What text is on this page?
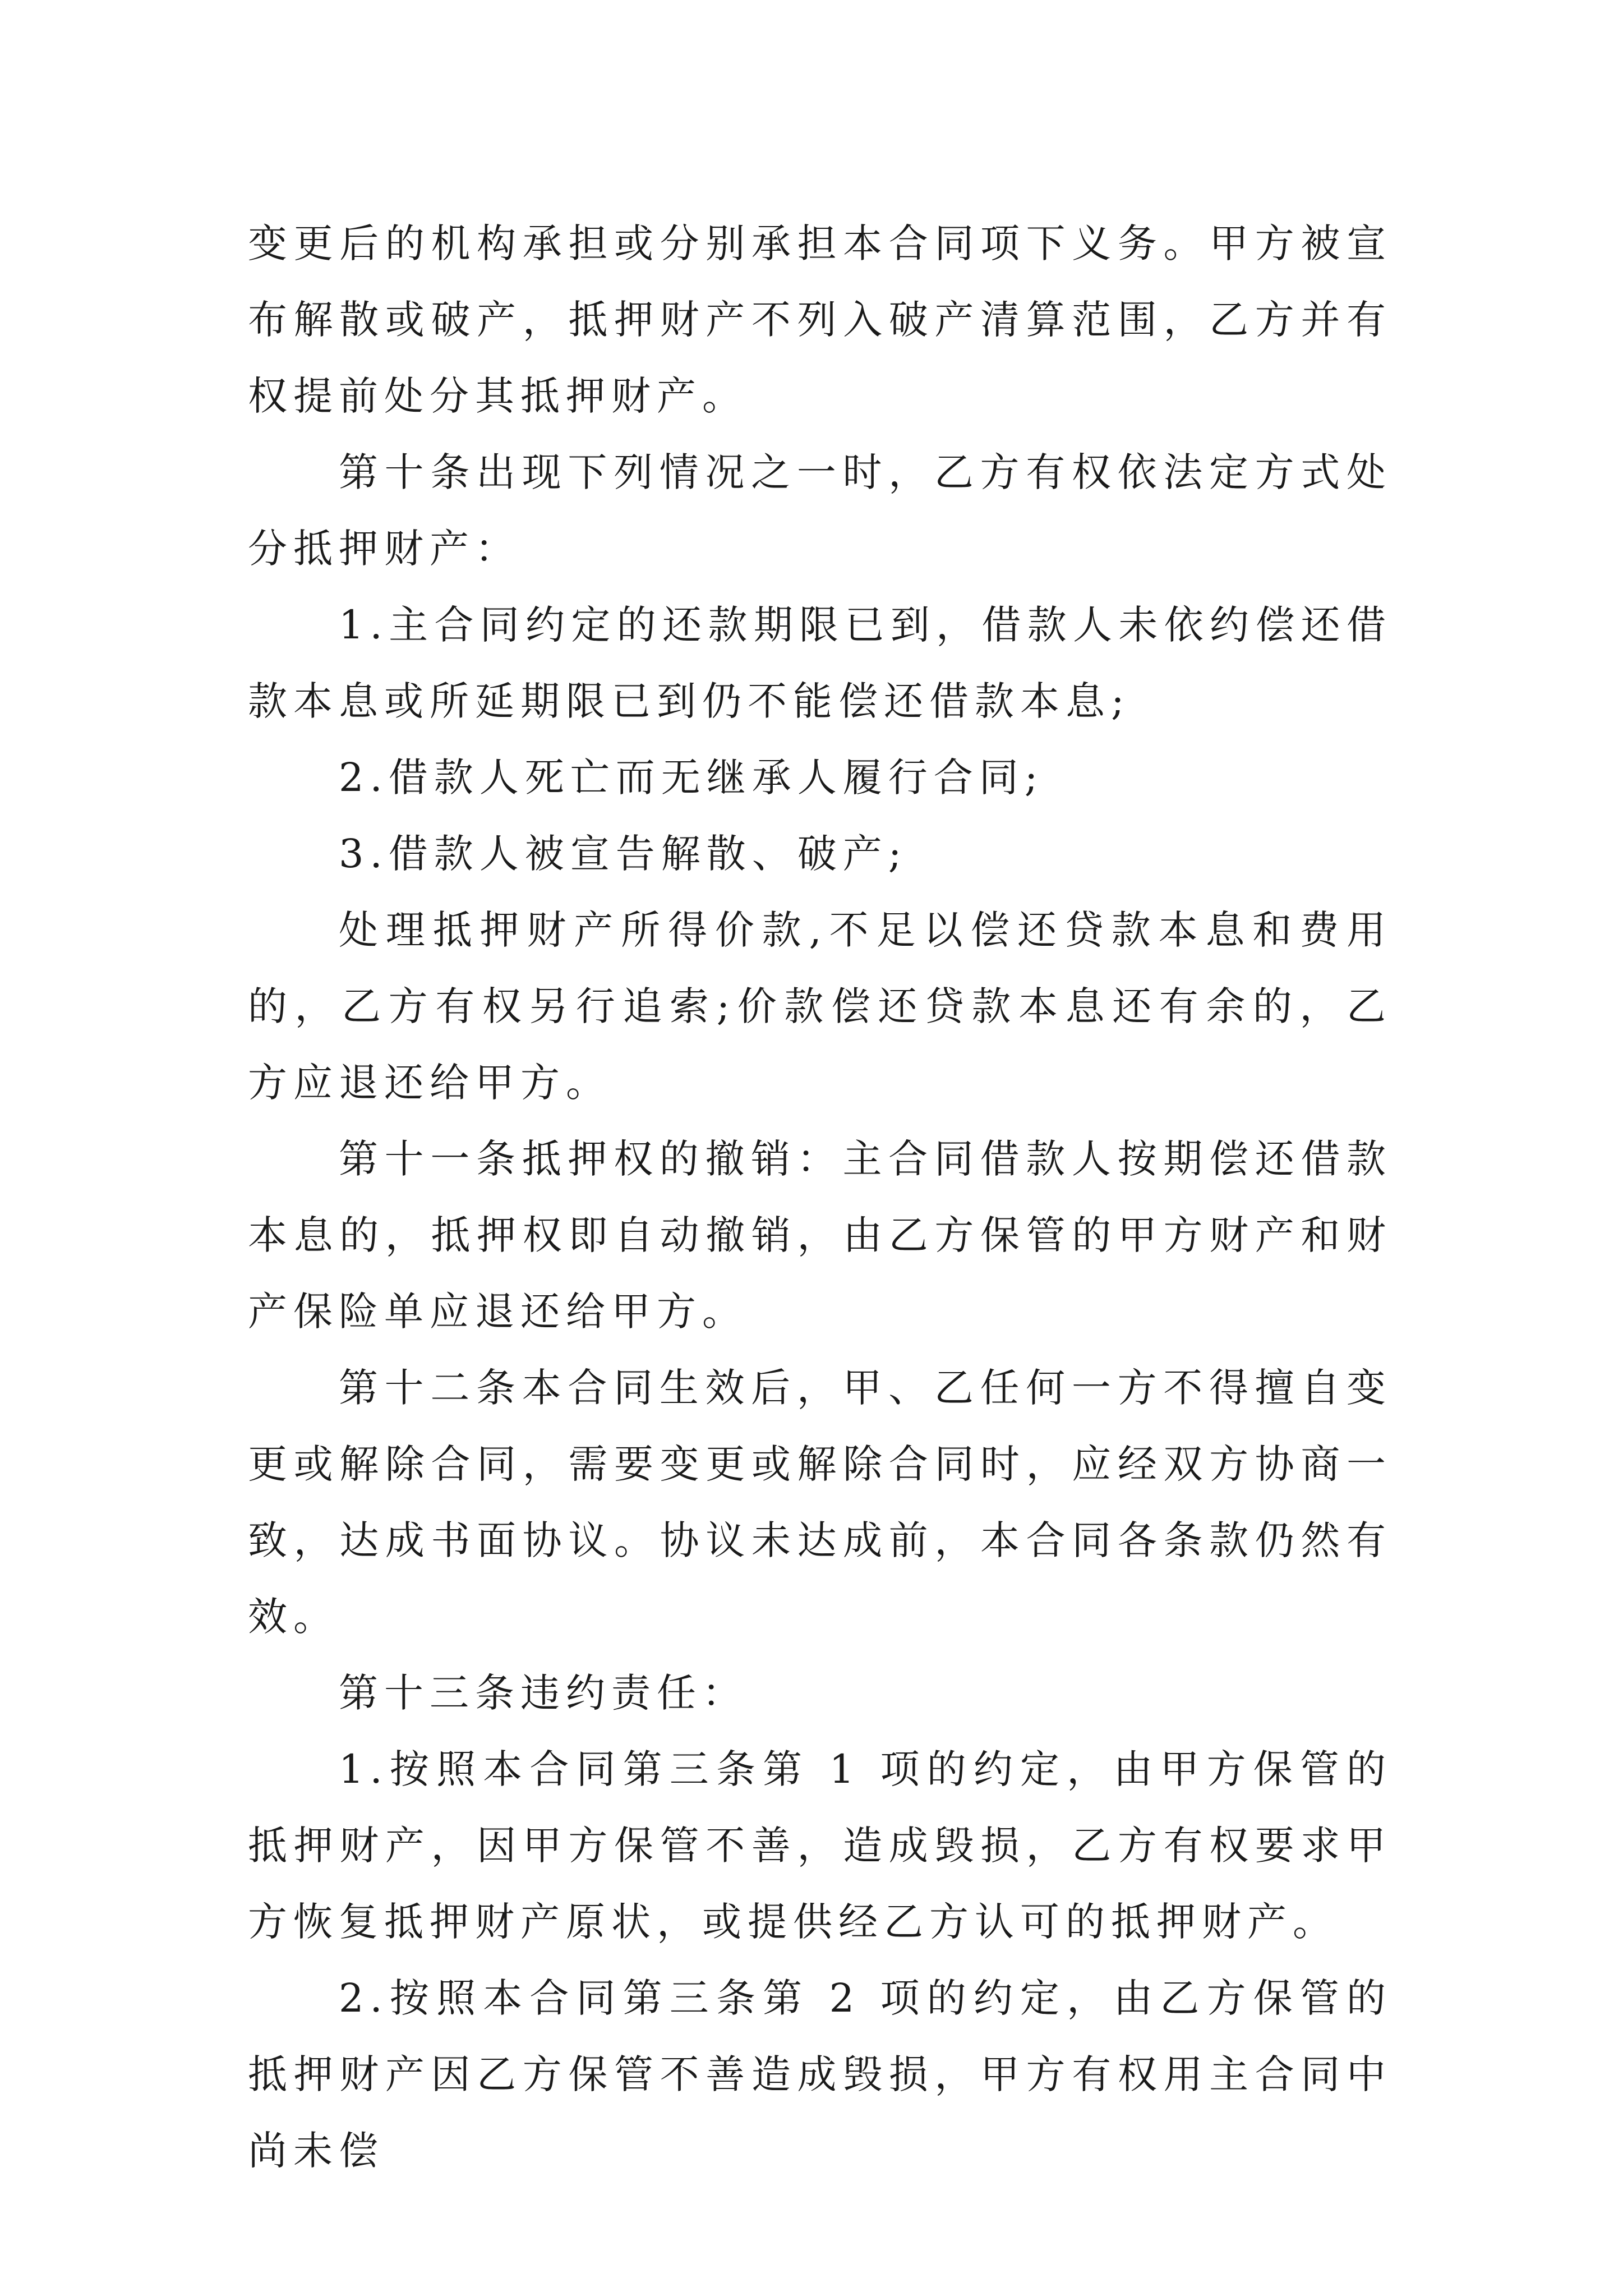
变更后的机构承担或分别承担本合同项下义务。甲方被宣布解散或破产，抵押财产不列入破产清算范围，乙方并有权提前处分其抵押财产。

第十条出现下列情况之一时，乙方有权依法定方式处分抵押财产：

1.主合同约定的还款期限已到，借款人未依约偿还借款本息或所延期限已到仍不能偿还借款本息;

2.借款人死亡而无继承人履行合同;

3.借款人被宣告解散、破产;

处理抵押财产所得价款,不足以偿还贷款本息和费用的，乙方有权另行追索;价款偿还贷款本息还有余的，乙方应退还给甲方。

第十一条抵押权的撤销：主合同借款人按期偿还借款本息的，抵押权即自动撤销，由乙方保管的甲方财产和财产保险单应退还给甲方。

第十二条本合同生效后，甲、乙任何一方不得擅自变更或解除合同，需要变更或解除合同时，应经双方协商一致，达成书面协议。协议未达成前，本合同各条款仍然有效。

第十三条违约责任：

1.按照本合同第三条第 1 项的约定，由甲方保管的抵押财产，因甲方保管不善，造成毁损，乙方有权要求甲方恢复抵押财产原状，或提供经乙方认可的抵押财产。

2.按照本合同第三条第 2 项的约定，由乙方保管的抵押财产因乙方保管不善造成毁损，甲方有权用主合同中尚未偿
